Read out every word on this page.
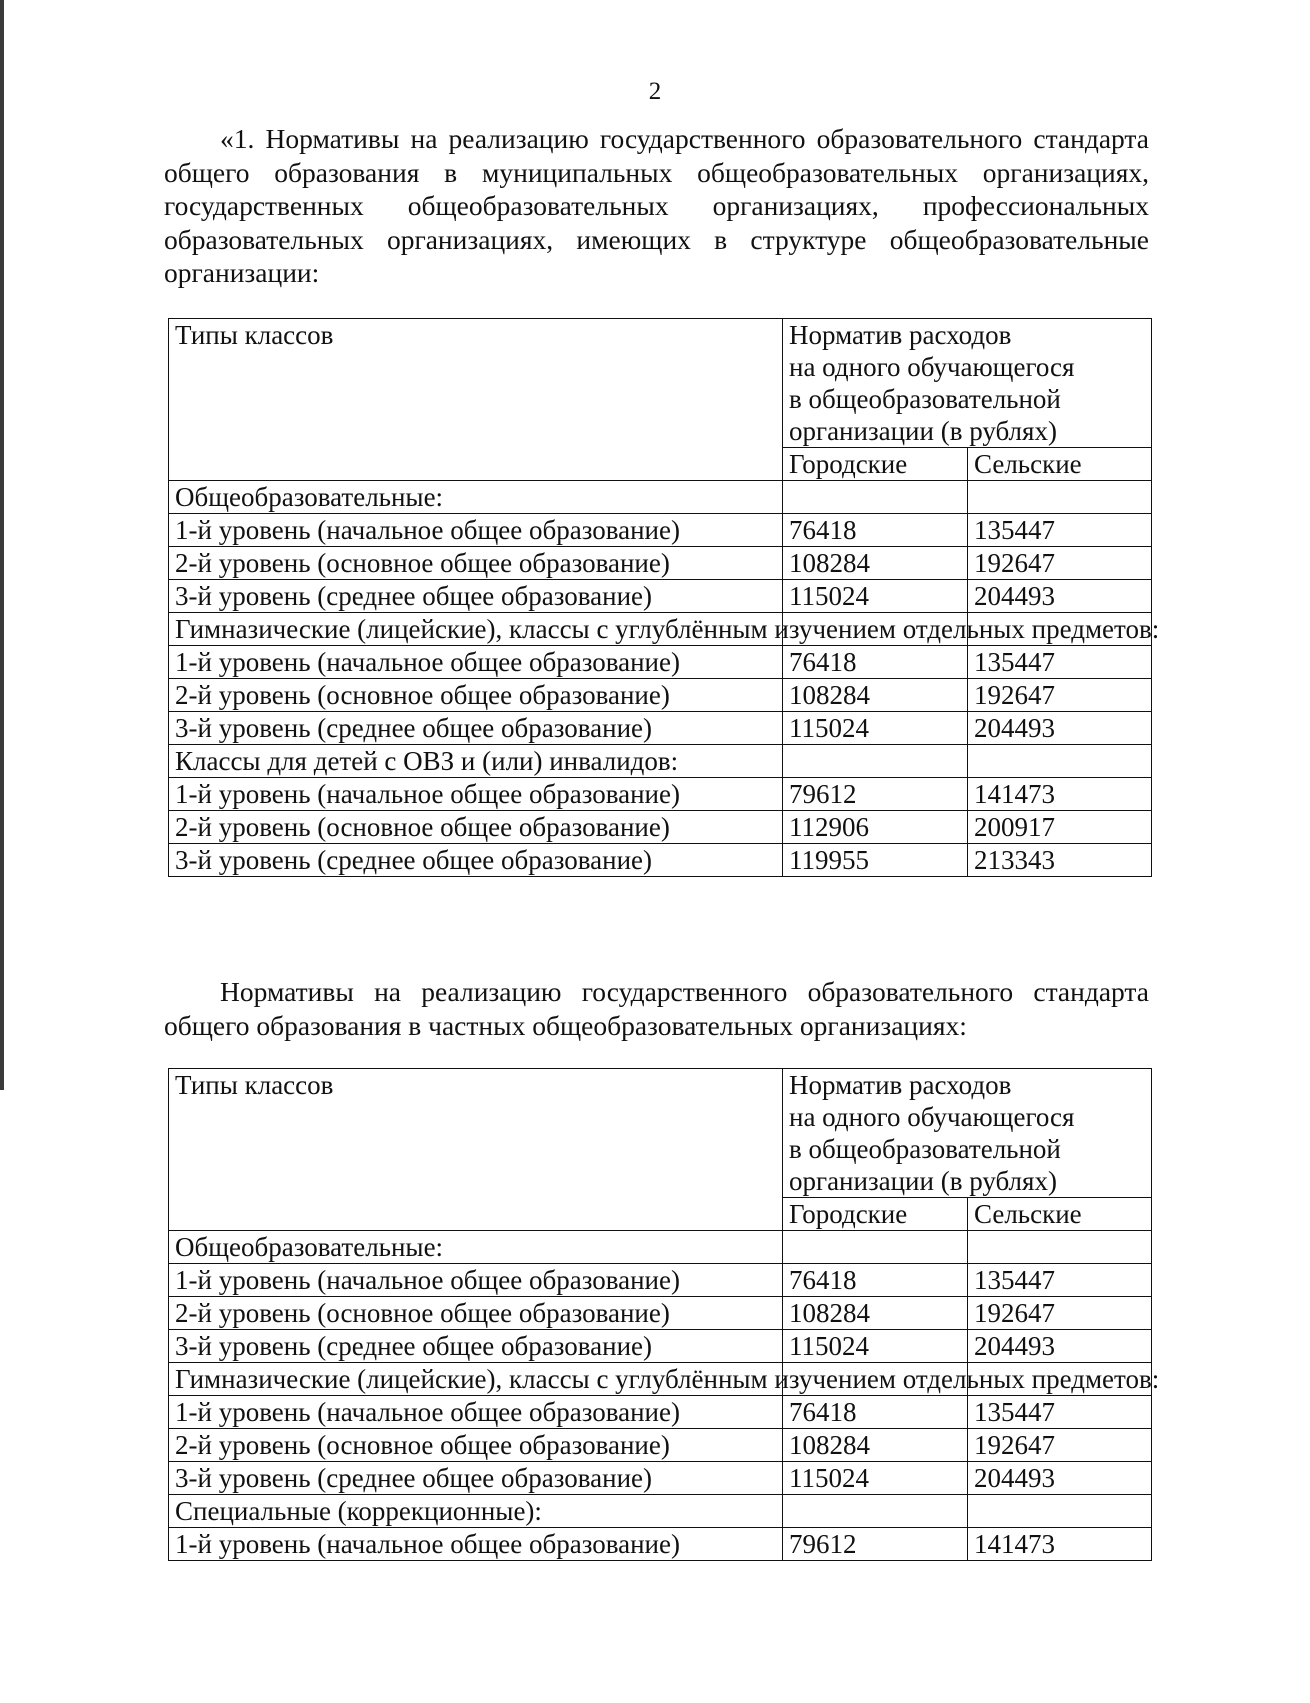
2

«1. Нормативы на реализацию государственного образовательного стандарта общего образования в муниципальных общеобразовательных организациях, государственных общеобразовательных организациях, профессиональных образовательных организациях, имеющих в структуре общеобразовательные организации:

Типы классов	Норматив расходов
на одного обучающегося
в общеобразовательной
организации (в рублях)	

	Городские	Сельские
Общеобразовательные:		
1-й уровень (начальное общее образование)	76418	135447
2-й уровень (основное общее образование)	108284	192647
3-й уровень (среднее общее образование)	115024	204493
Гимназические (лицейские), классы с углублённым изучением отдельных предметов:		
1-й уровень (начальное общее образование)	76418	135447
2-й уровень (основное общее образование)	108284	192647
3-й уровень (среднее общее образование)	115024	204493
Классы для детей с ОВЗ и (или) инвалидов:		
1-й уровень (начальное общее образование)	79612	141473
2-й уровень (основное общее образование)	112906	200917
3-й уровень (среднее общее образование)	119955	213343

Нормативы на реализацию государственного образовательного стандарта общего образования в частных общеобразовательных организациях:

Типы классов	Норматив расходов
на одного обучающегося
в общеобразовательной
организации (в рублях)	

	Городские	Сельские
Общеобразовательные:		
1-й уровень (начальное общее образование)	76418	135447
2-й уровень (основное общее образование)	108284	192647
3-й уровень (среднее общее образование)	115024	204493
Гимназические (лицейские), классы с углублённым изучением отдельных предметов:		
1-й уровень (начальное общее образование)	76418	135447
2-й уровень (основное общее образование)	108284	192647
3-й уровень (среднее общее образование)	115024	204493
Специальные (коррекционные):		
1-й уровень (начальное общее образование)	79612	141473
